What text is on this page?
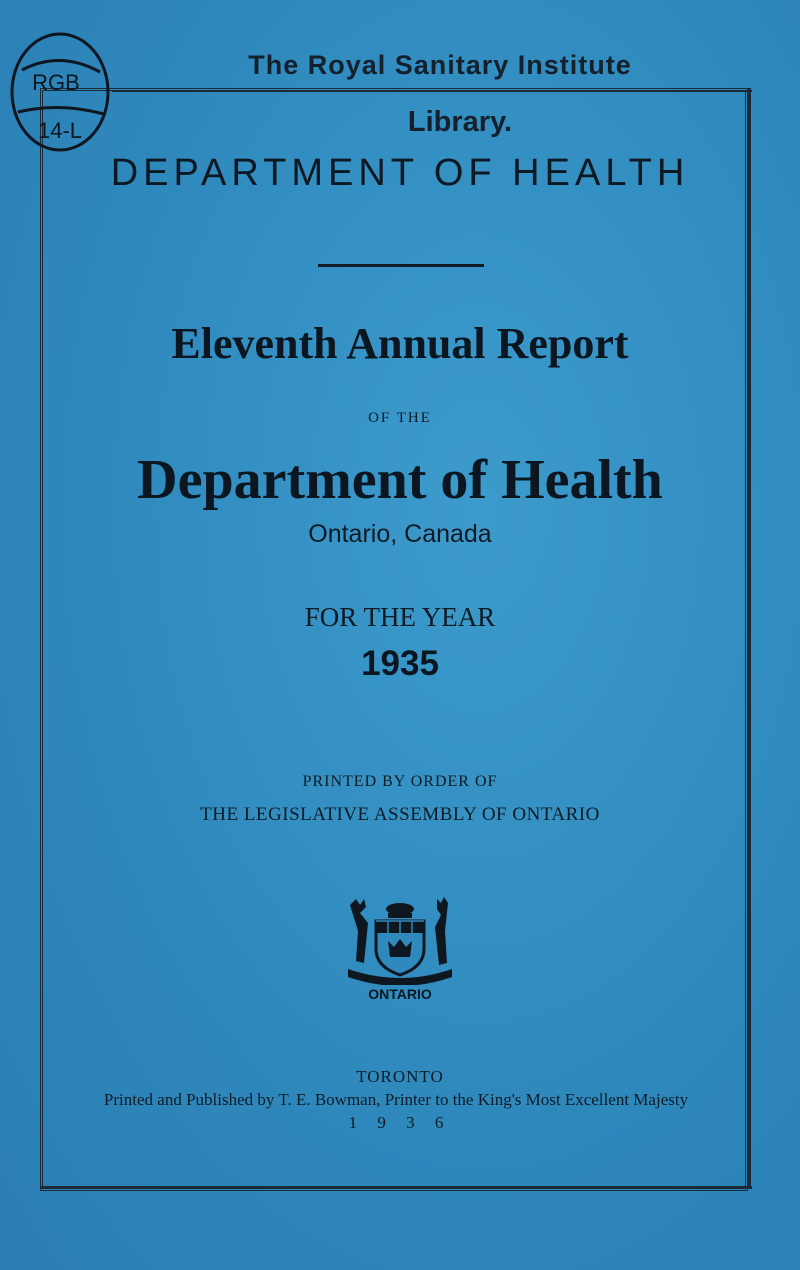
RGB
14-L
The Royal Sanitary Institute
Library.
DEPARTMENT OF HEALTH
Eleventh Annual Report
OF THE
Department of Health
Ontario, Canada
FOR THE YEAR
1935
PRINTED BY ORDER OF
THE LEGISLATIVE ASSEMBLY OF ONTARIO
ONTARIO
TORONTO
Printed and Published by T. E. Bowman, Printer to the King's Most Excellent Majesty
1 9 3 6
